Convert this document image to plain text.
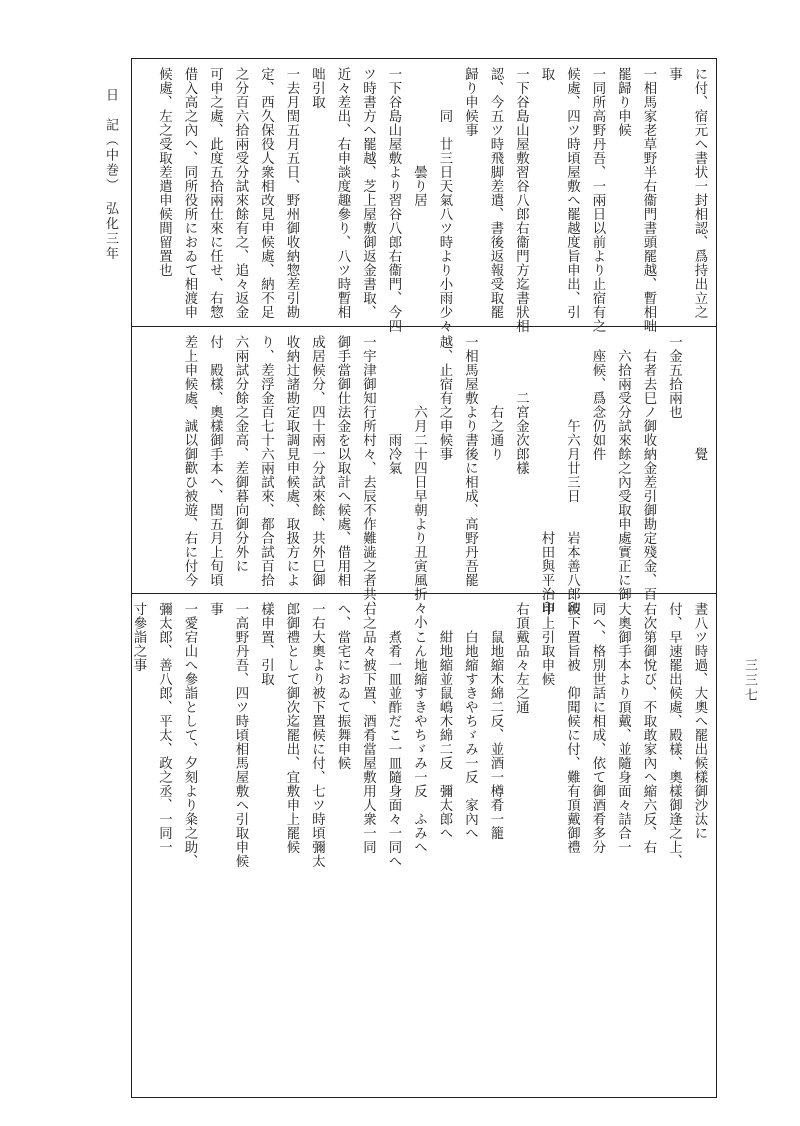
日　記（中巻）　弘化三年
三三七
に付、宿元へ書状一封相認、爲持出立之
事
一相馬家老草野半右衞門書頭罷越、暫相咄
罷歸り申候
一同所高野丹吾、一兩日以前より止宿有之
候處、四ツ時頃屋敷へ罷越度旨申出、引
取
一下谷島山屋敷習谷八郎右衞門方迄書狀相
認、今五ツ時飛脚差遣、書後返報受取罷
歸り申候事
　　　同　廿三日天氣八ツ時より小雨少々
　　　　　　　曇り居
一下谷島山屋敷より習谷八郎右衞門、今四
ツ時書方へ罷越、芝上屋敷御返金書取、
近々差出、右申談度趣參り、八ツ時暫相
咄引取
一去月閏五月五日、野州御收納惣差引勘
定、西久保役人衆相改見申候處、納不足
之分百六拾兩受分試來餘有之、追々返金
可申之處、此度五拾兩仕來に任せ、右惣
借入高之內へ、同所役所におゐて相渡申
候處、左之受取差遣申候間留置也
　　　　　　　　覺
一金五拾兩也
　右者去巳ノ御收納金差引御勘定殘金、百
　六拾兩受分試來餘之內受取申處實正に御
　座候、爲念仍如件
　　　　　　午六月廿三日　　岩本善八郎印
　　　　　　　　　　　　　　村田與平治印
　　　　二宮金次郎樣
　　　　　右之通り
一相馬屋敷より書後に相成、高野丹吾罷
越、止宿有之申候事
　　　　　六月二十四日早朝より丑寅風折々小
　　　　　　　雨冷氣
一宇津御知行所村々、去辰不作難澁之者共、
御手當御仕法金を以取計へ候處、借用相
成居候分、四十兩一分試來餘、共外巳御
收納辻諸勘定取調見申候處、取扱方によ
り、差浮金百七十六兩試來、都合試百拾
六兩試分餘之金高、差御暮向御分外に
付　殿樣、奧樣御手本へ、閏五月上旬頃
差上申候處、誠以御歡ひ被遊、右に付今
晝八ツ時過、大奧へ罷出候樣御沙汰に
付、早速罷出候處、殿樣、奧樣御逢之上、
右次第御悅び、不取敢家內へ縮六反、右
大奧御手本より頂戴、並隨身面々詰合一
同へ、格別世話に相成、依て御酒肴多分
被下置旨被　仰聞候に付、難有頂戴御禮
申上引取申候
右頂戴品々左之通
　　鼠地縮木綿二反、並酒一樽肴一籠
　　白地縮すきやちゞみ一反　家內へ
　　紺地縮並鼠嶋木綿二反　彌太郎へ
　　こん地縮すきやちゞみ一反　ふみへ
　　煮肴一皿並酢だこ一皿隨身面々一同へ
右之品々被下置、酒肴當屋敷用人衆一同
へ、當宅におゐて振舞申候
一右大奧より被下置候に付、七ツ時頃彌太
郎御禮として御次迄罷出、宜敷申上罷候
樣申置、引取
一高野丹吾、四ツ時頃相馬屋敷へ引取申候
事
一愛宕山へ參詣として、夕刻より粂之助、
彌太郎、善八郎、平太、政之丞、一同一
寸參詣之事
